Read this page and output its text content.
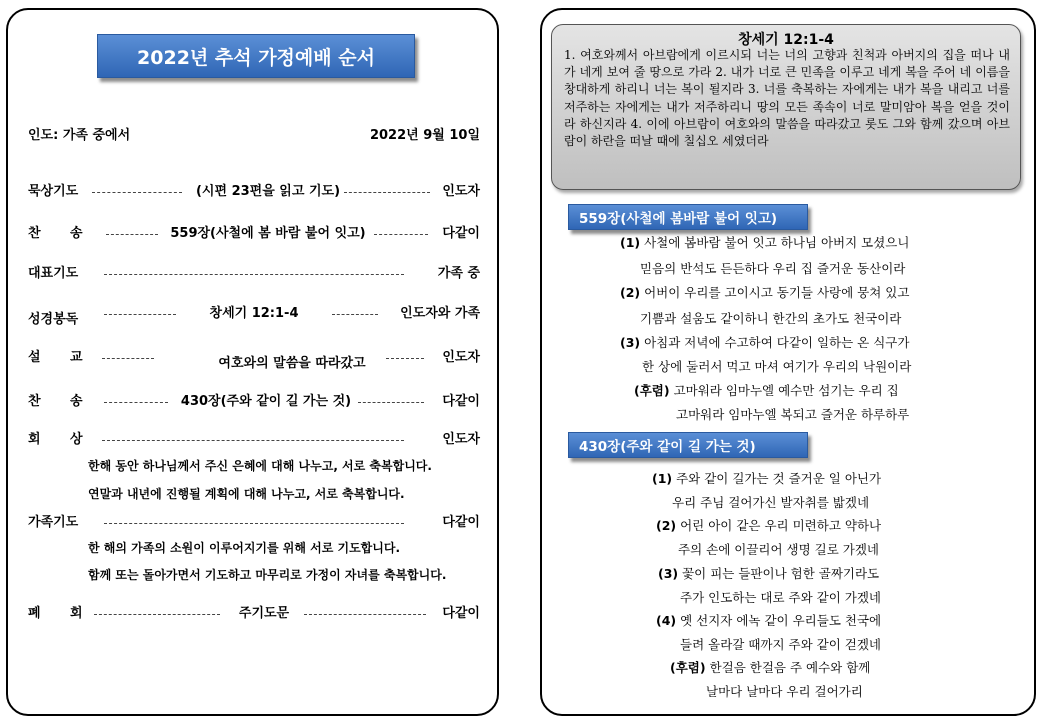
2022년 추석 가정예배 순서
인도: 가족 중에서	2022년 9월 10일
묵상기도	(시편 23편을 읽고 기도)	인도자
찬 송	559장(사철에 봄 바람 불어 잇고)	다같이
대표기도	가족 중
성경봉독	창세기 12:1-4	인도자와 가족
설 교	여호와의 말씀을 따라갔고	인도자
찬 송	430장(주와 같이 길 가는 것)	다같이
회 상	인도자
한해 동안 하나님께서 주신 은혜에 대해 나누고, 서로 축복합니다.
연말과 내년에 진행될 계획에 대해 나누고, 서로 축복합니다.
가족기도	다같이
한 해의 가족의 소원이 이루어지기를 위해 서로 기도합니다.
함께 또는 돌아가면서 기도하고 마무리로 가정이 자녀를 축복합니다.
폐 회	주기도문	다같이
창세기 12:1-4
1. 여호와께서 아브람에게 이르시되 너는 너의 고향과 친척과 아버지의 집을 떠나 내가 네게 보여 줄 땅으로 가라 2. 내가 너로 큰 민족을 이루고 네게 복을 주어 네 이름을 창대하게 하리니 너는 복이 될지라 3. 너를 축복하는 자에게는 내가 복을 내리고 너를 저주하는 자에게는 내가 저주하리니 땅의 모든 족속이 너로 말미암아 복을 얻을 것이라 하신지라 4. 이에 아브람이 여호와의 말씀을 따라갔고 롯도 그와 함께 갔으며 아브람이 하란을 떠날 때에 칠십오 세였더라
559장(사철에 봄바람 불어 잇고)
(1) 사철에 봄바람 불어 잇고 하나님 아버지 모셨으니
믿음의 반석도 든든하다 우리 집 즐거운 동산이라
(2) 어버이 우리를 고이시고 동기들 사랑에 뭉쳐 있고
기쁨과 설움도 같이하니 한간의 초가도 천국이라
(3) 아침과 저녁에 수고하여 다같이 일하는 온 식구가
한 상에 둘러서 먹고 마셔 여기가 우리의 낙원이라
(후렴) 고마워라 임마누엘 예수만 섬기는 우리 집
고마워라 임마누엘 복되고 즐거운 하루하루
430장(주와 같이 길 가는 것)
(1) 주와 같이 길가는 것 즐거운 일 아닌가
우리 주님 걸어가신 발자취를 밟겠네
(2) 어린 아이 같은 우리 미련하고 약하나
주의 손에 이끌리어 생명 길로 가겠네
(3) 꽃이 피는 들판이나 험한 골짜기라도
주가 인도하는 대로 주와 같이 가겠네
(4) 옛 선지자 에녹 같이 우리들도 천국에
들려 올라갈 때까지 주와 같이 걷겠네
(후렴) 한걸음 한걸음 주 예수와 함께
날마다 날마다 우리 걸어가리
